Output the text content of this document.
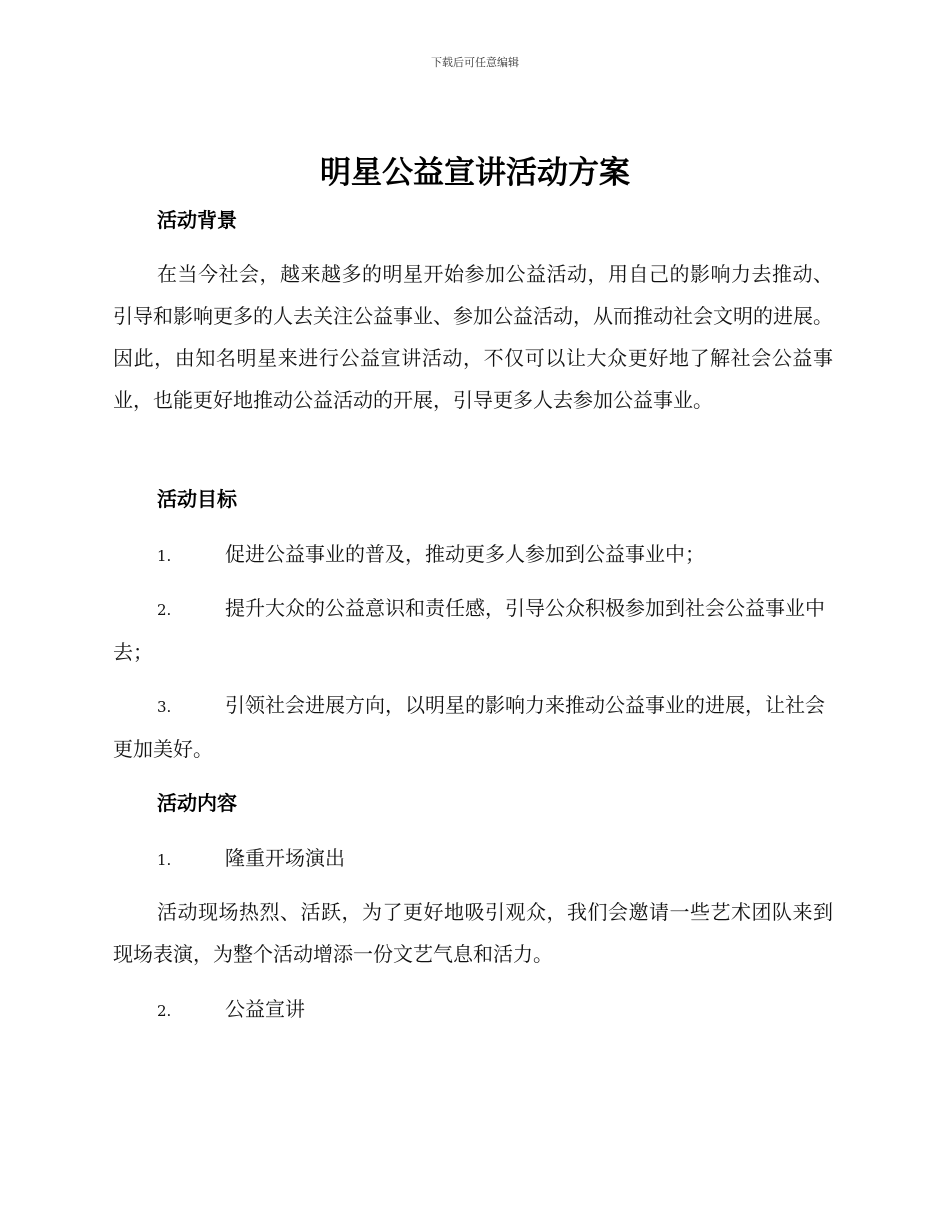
下载后可任意编辑
明星公益宣讲活动方案
活动背景

在当今社会，越来越多的明星开始参加公益活动，用自己的影响力去推动、引导和影响更多的人去关注公益事业、参加公益活动，从而推动社会文明的进展。因此，由知名明星来进行公益宣讲活动，不仅可以让大众更好地了解社会公益事业，也能更好地推动公益活动的开展，引导更多人去参加公益事业。

活动目标

1.	促进公益事业的普及，推动更多人参加到公益事业中；

2.	提升大众的公益意识和责任感，引导公众积极参加到社会公益事业中去；

3.	引领社会进展方向，以明星的影响力来推动公益事业的进展，让社会更加美好。

活动内容

1.	隆重开场演出

活动现场热烈、活跃，为了更好地吸引观众，我们会邀请一些艺术团队来到现场表演，为整个活动增添一份文艺气息和活力。

2.	公益宣讲
